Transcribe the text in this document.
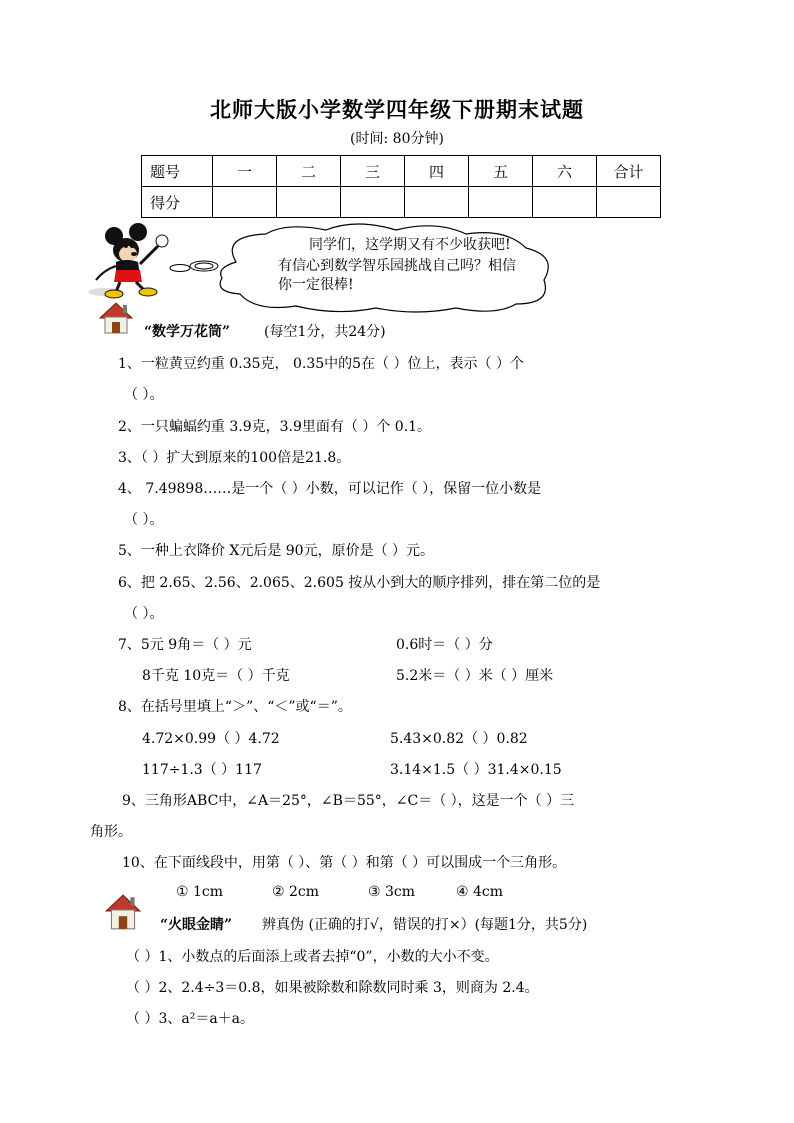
北师大版小学数学四年级下册期末试题
(时间: 80分钟)
题号	一	二	三	四	五	六	合计
得分							
同学们，这学期又有不少收获吧!
有信心到数学智乐园挑战自己吗？相信
你一定很棒!
“数学万花筒” (每空1分，共24分)
1、一粒黄豆约重 0.35克， 0.35中的5在（ ）位上，表示（ ）个
（ ）。
2、一只蝙蝠约重 3.9克，3.9里面有（ ）个 0.1。
3、（ ）扩大到原来的100倍是21.8。
4、 7.49898……是一个（ ）小数，可以记作（ ），保留一位小数是
（ ）。
5、一种上衣降价 X元后是 90元，原价是（ ）元。
6、把 2.65、2.56、2.065、2.605 按从小到大的顺序排列，排在第二位的是
（ ）。
7、5元 9角＝（ ）元	0.6时＝（ ）分
8千克 10克＝（ ）千克	5.2米＝（ ）米（ ）厘米
8、在括号里填上“＞”、“＜”或“＝”。
4.72×0.99（ ）4.72	5.43×0.82（ ）0.82
117÷1.3（ ）117	3.14×1.5（ ）31.4×0.15
9、三角形ABC中，∠A＝25°，∠B＝55°，∠C＝（ ），这是一个（ ）三
角形。
10、在下面线段中，用第（ ）、第（ ）和第（ ）可以围成一个三角形。
① 1cm	② 2cm	③ 3cm	④ 4cm
“火眼金睛” 辨真伪 (正确的打√，错误的打×）(每题1分，共5分)
（ ）1、小数点的后面添上或者去掉“0”，小数的大小不变。
（ ）2、2.4÷3＝0.8，如果被除数和除数同时乘 3，则商为 2.4。
（ ）3、a²＝a＋a。
